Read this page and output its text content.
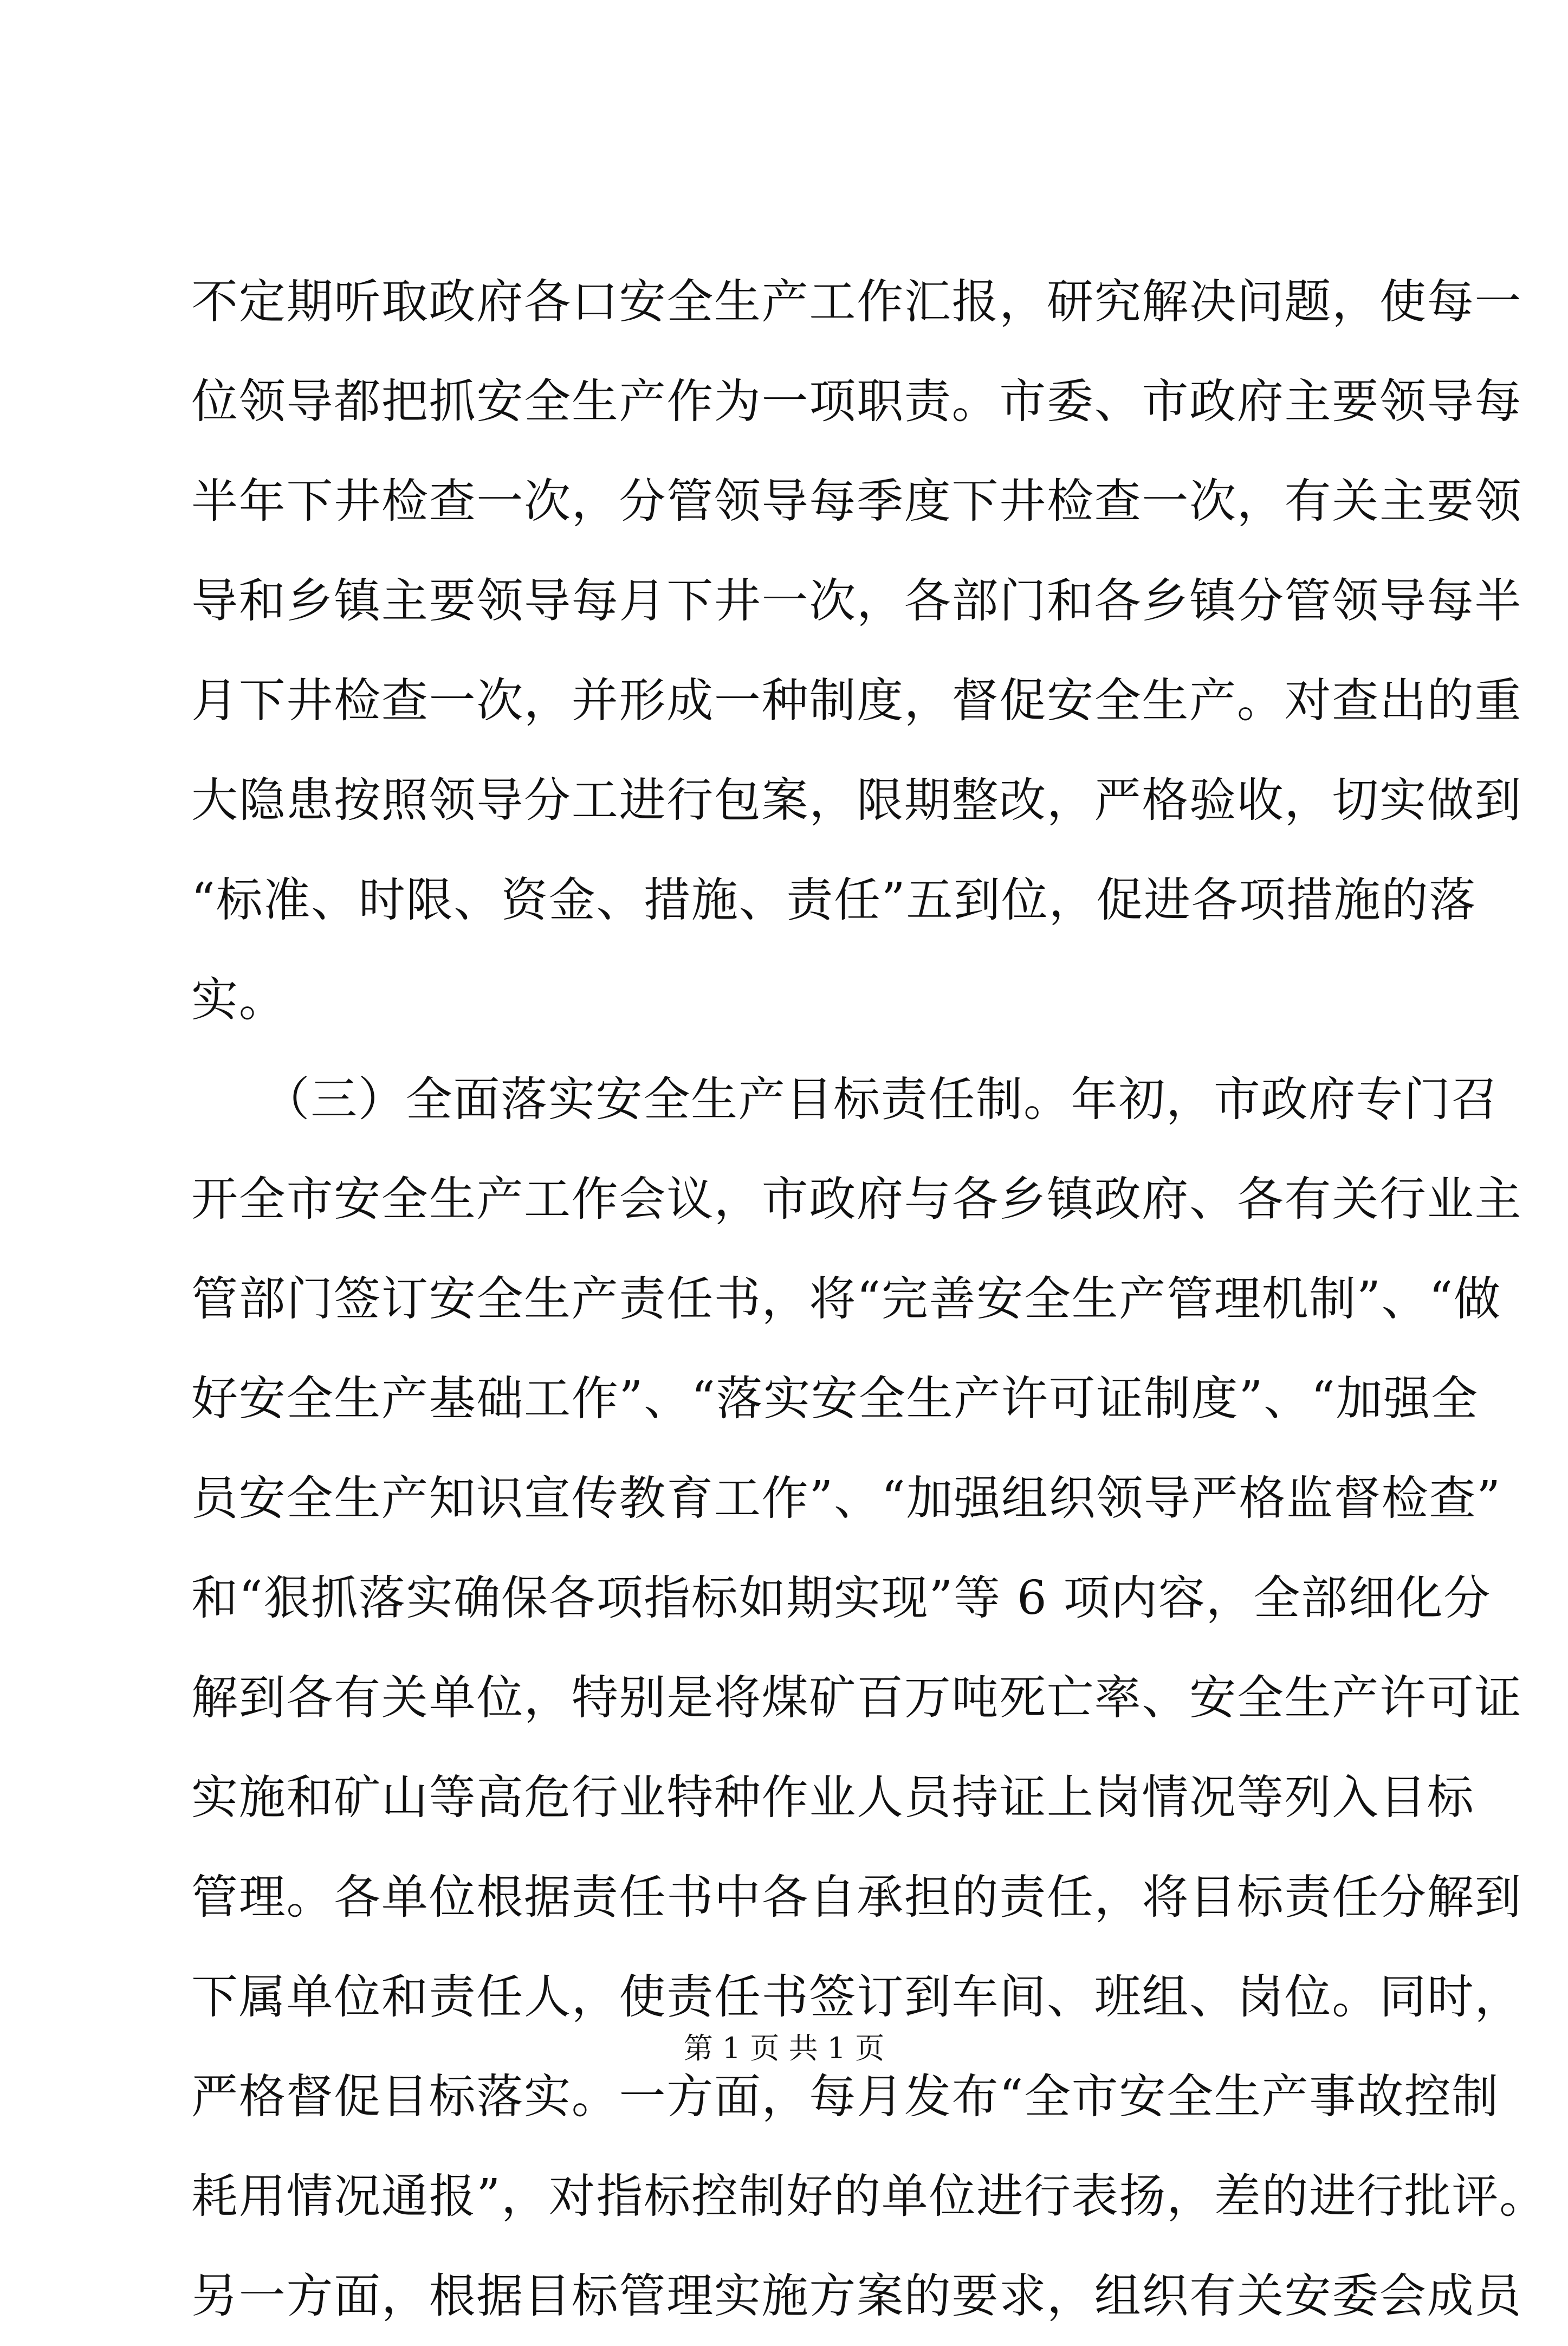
不定期听取政府各口安全生产工作汇报，研究解决问题，使每一
位领导都把抓安全生产作为一项职责。市委、市政府主要领导每
半年下井检查一次，分管领导每季度下井检查一次，有关主要领
导和乡镇主要领导每月下井一次，各部门和各乡镇分管领导每半
月下井检查一次，并形成一种制度，督促安全生产。对查出的重
大隐患按照领导分工进行包案，限期整改，严格验收，切实做到
“标准、时限、资金、措施、责任”五到位，促进各项措施的落
实。
　　（三）全面落实安全生产目标责任制。年初，市政府专门召
开全市安全生产工作会议，市政府与各乡镇政府、各有关行业主
管部门签订安全生产责任书，将“完善安全生产管理机制”、“做
好安全生产基础工作”、“落实安全生产许可证制度”、“加强全
员安全生产知识宣传教育工作”、“加强组织领导严格监督检查”
和“狠抓落实确保各项指标如期实现”等 6 项内容，全部细化分
解到各有关单位，特别是将煤矿百万吨死亡率、安全生产许可证
实施和矿山等高危行业特种作业人员持证上岗情况等列入目标
管理。各单位根据责任书中各自承担的责任，将目标责任分解到
下属单位和责任人，使责任书签订到车间、班组、岗位。同时，
严格督促目标落实。一方面，每月发布“全市安全生产事故控制
耗用情况通报”，对指标控制好的单位进行表扬，差的进行批评。
另一方面，根据目标管理实施方案的要求，组织有关安委会成员
第 1 页 共 1 页
